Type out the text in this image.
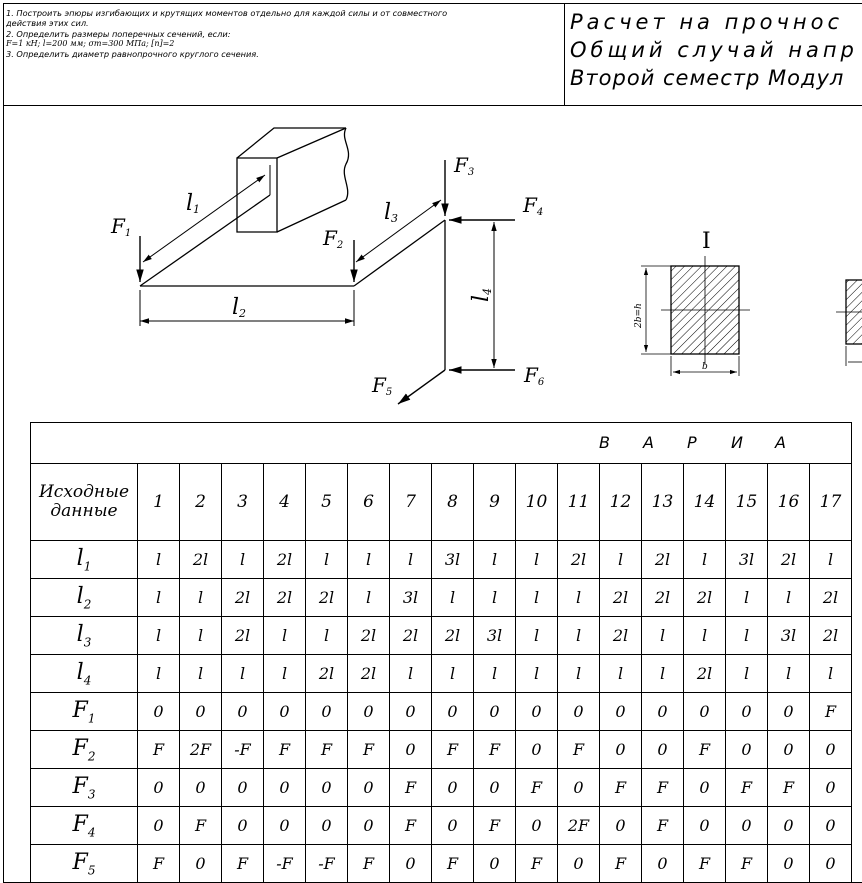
1. Построить эпюры изгибающих и крутящих моментов отдельно для каждой силы и от совместного
действия этих сил.
2. Определить размеры поперечных сечений, если:
F=1 кН; l=200 мм; σт=300 МПа; [n]=2
3. Определить диаметр равнопрочного круглого сечения.
Расчет на прочнос
Общий случай напр
Второй семестр Модул
F1	F2
F3
F4
F5
F6
l1
l2
l3
l4
I
2b=h
b
В А Р И А																	

Исходные
данные	1	2	3	4	5	6	7	8	9	10	11	12	13	14	15	16	17
$l_1$	l	2l	l	2l	l	l	l	3l	l	l	2l	l	2l	l	3l	2l	l
$l_2$	l	l	2l	2l	2l	l	3l	l	l	l	l	2l	2l	2l	l	l	2l
$l_3$	l	l	2l	l	l	2l	2l	2l	3l	l	l	2l	l	l	l	3l	2l
$l_4$	l	l	l	l	2l	2l	l	l	l	l	l	l	l	2l	l	l	l
$F_1$	0	0	0	0	0	0	0	0	0	0	0	0	0	0	0	0	F
$F_2$	F	2F	-F	F	F	F	0	F	F	0	F	0	0	F	0	0	0
$F_3$	0	0	0	0	0	0	F	0	0	F	0	F	F	0	F	F	0
$F_4$	0	F	0	0	0	0	F	0	F	0	2F	0	F	0	0	0	0
$F_5$	F	0	F	-F	-F	F	0	F	0	F	0	F	0	F	F	0	0
